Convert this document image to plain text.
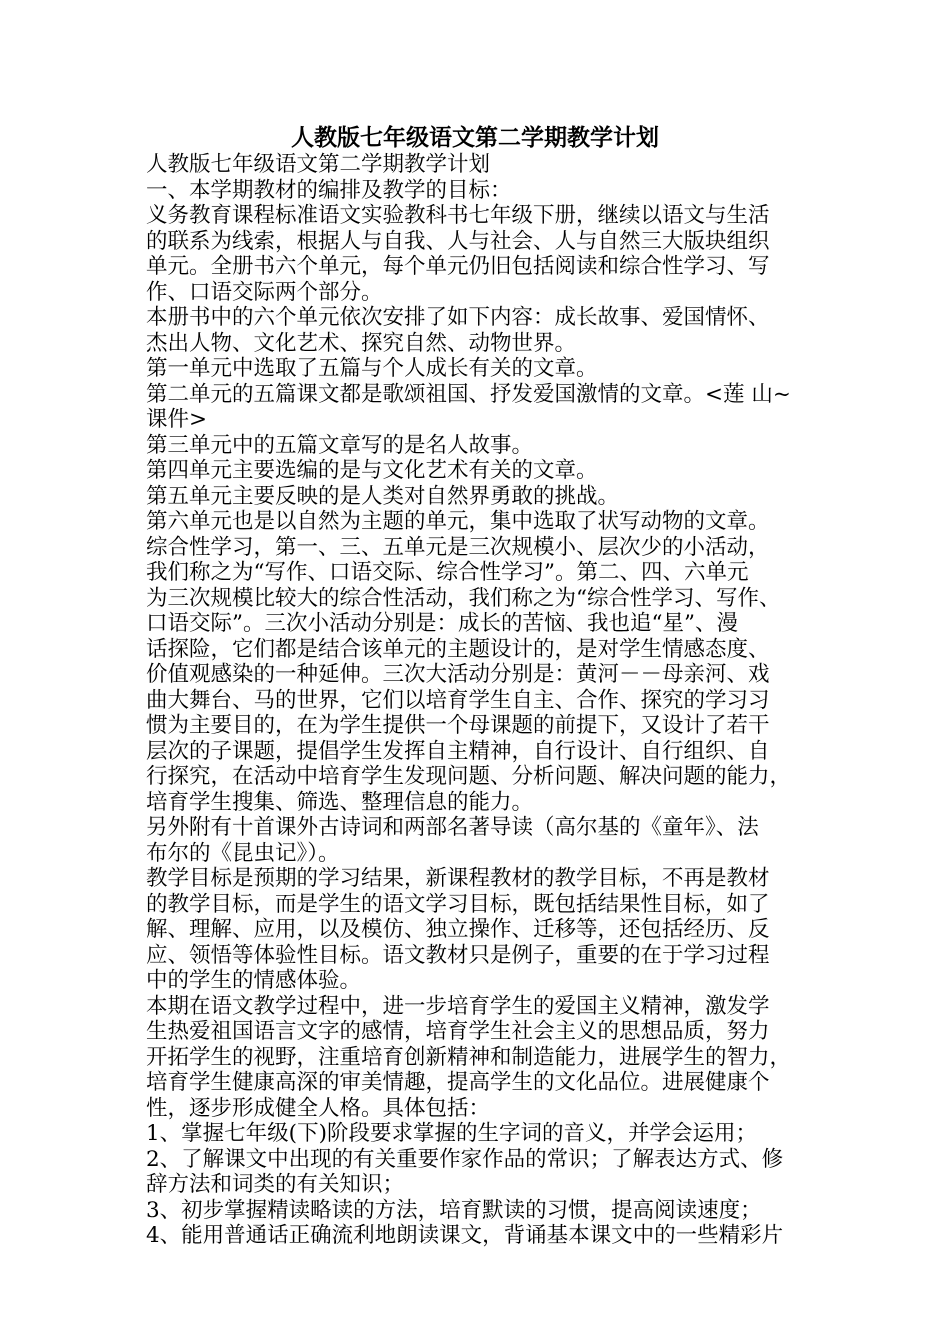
人教版七年级语文第二学期教学计划
人教版七年级语文第二学期教学计划
一、本学期教材的编排及教学的目标：
义务教育课程标准语文实验教科书七年级下册，继续以语文与生活
的联系为线索，根据人与自我、人与社会、人与自然三大版块组织
单元。全册书六个单元，每个单元仍旧包括阅读和综合性学习、写
作、口语交际两个部分。
本册书中的六个单元依次安排了如下内容：成长故事、爱国情怀、
杰出人物、文化艺术、探究自然、动物世界。
第一单元中选取了五篇与个人成长有关的文章。
第二单元的五篇课文都是歌颂祖国、抒发爱国激情的文章。<莲 山~
课件>
第三单元中的五篇文章写的是名人故事。
第四单元主要选编的是与文化艺术有关的文章。
第五单元主要反映的是人类对自然界勇敢的挑战。
第六单元也是以自然为主题的单元，集中选取了状写动物的文章。
综合性学习，第一、三、五单元是三次规模小、层次少的小活动，
我们称之为“写作、口语交际、综合性学习”。第二、四、六单元
为三次规模比较大的综合性活动，我们称之为“综合性学习、写作、
口语交际”。三次小活动分别是：成长的苦恼、我也追“星”、漫
话探险，它们都是结合该单元的主题设计的，是对学生情感态度、
价值观感染的一种延伸。三次大活动分别是：黄河－－母亲河、戏
曲大舞台、马的世界，它们以培育学生自主、合作、探究的学习习
惯为主要目的，在为学生提供一个母课题的前提下，又设计了若干
层次的子课题，提倡学生发挥自主精神，自行设计、自行组织、自
行探究，在活动中培育学生发现问题、分析问题、解决问题的能力，
培育学生搜集、筛选、整理信息的能力。
另外附有十首课外古诗词和两部名著导读（高尔基的《童年》、法
布尔的《昆虫记》）。
教学目标是预期的学习结果，新课程教材的教学目标，不再是教材
的教学目标，而是学生的语文学习目标，既包括结果性目标，如了
解、理解、应用，以及模仿、独立操作、迁移等，还包括经历、反
应、领悟等体验性目标。语文教材只是例子，重要的在于学习过程
中的学生的情感体验。
本期在语文教学过程中，进一步培育学生的爱国主义精神，激发学
生热爱祖国语言文字的感情，培育学生社会主义的思想品质，努力
开拓学生的视野，注重培育创新精神和制造能力，进展学生的智力，
培育学生健康高深的审美情趣，提高学生的文化品位。进展健康个
性，逐步形成健全人格。具体包括：
1、掌握七年级(下)阶段要求掌握的生字词的音义，并学会运用；
2、了解课文中出现的有关重要作家作品的常识；了解表达方式、修
辞方法和词类的有关知识；
3、初步掌握精读略读的方法，培育默读的习惯，提高阅读速度；
4、能用普通话正确流利地朗读课文，背诵基本课文中的一些精彩片
